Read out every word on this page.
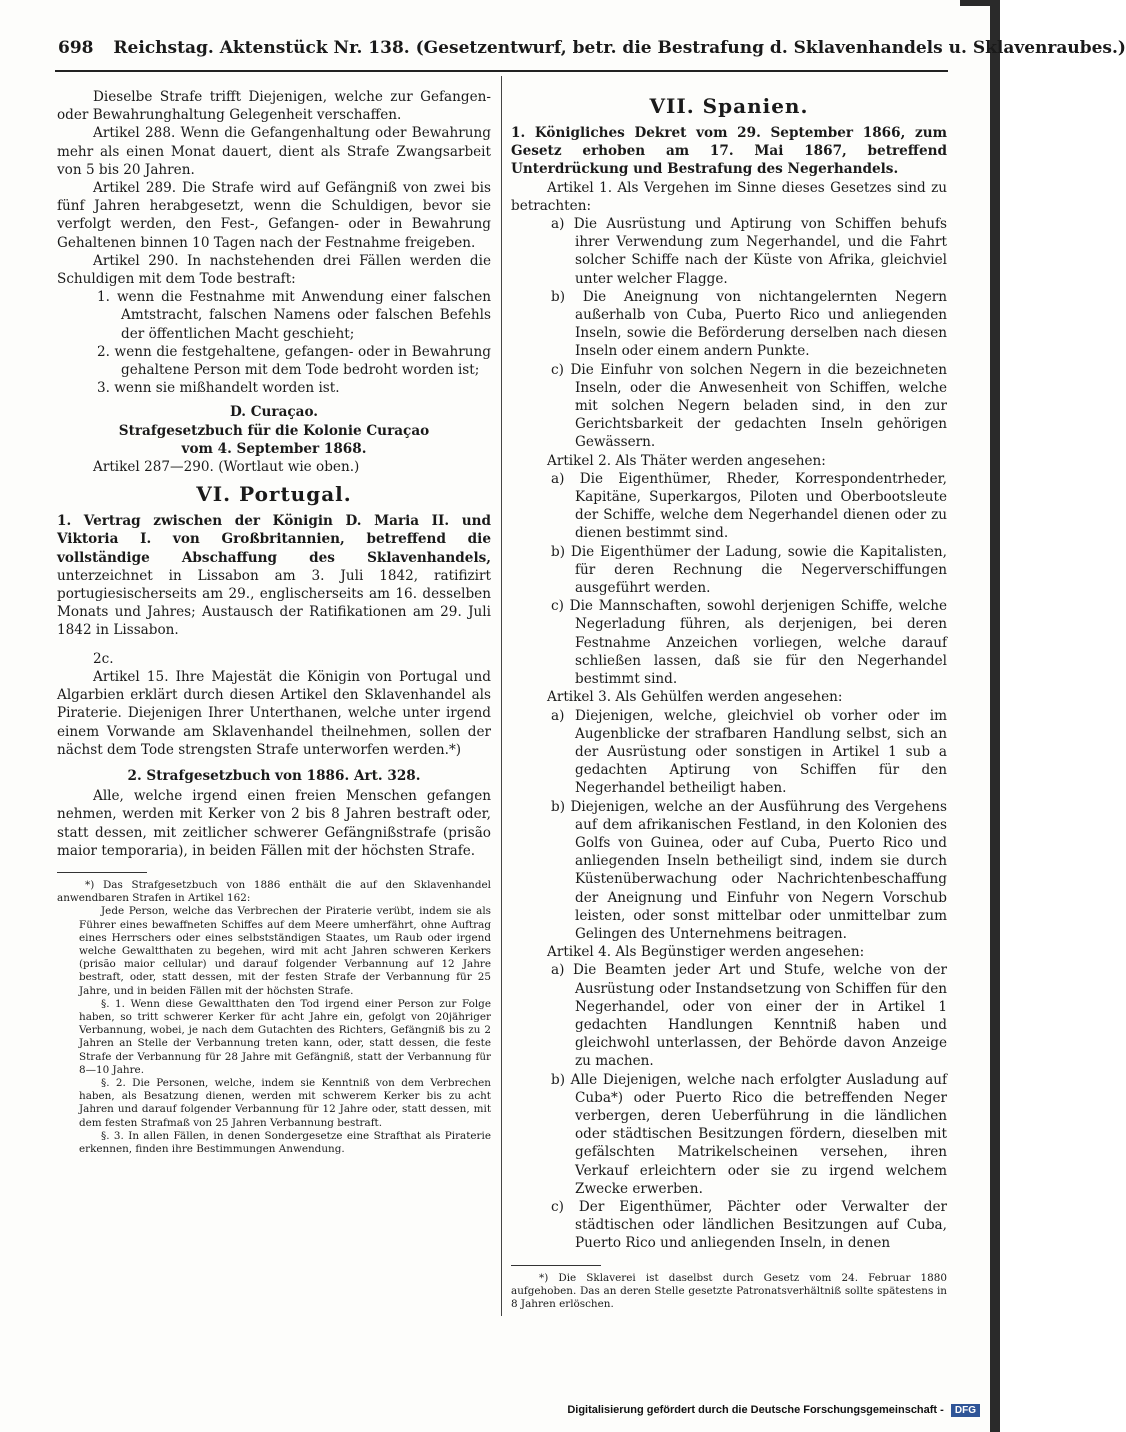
698 Reichstag. Aktenstück Nr. 138. (Gesetzentwurf, betr. die Bestrafung d. Sklavenhandels u. Sklavenraubes.)

Dieselbe Strafe trifft Diejenigen, welche zur Gefangen- oder Bewahrunghaltung Gelegenheit verschaffen.

Artikel 288. Wenn die Gefangenhaltung oder Bewahrung mehr als einen Monat dauert, dient als Strafe Zwangsarbeit von 5 bis 20 Jahren.

Artikel 289. Die Strafe wird auf Gefängniß von zwei bis fünf Jahren herabgesetzt, wenn die Schuldigen, bevor sie verfolgt werden, den Fest-, Gefangen- oder in Bewahrung Gehaltenen binnen 10 Tagen nach der Festnahme freigeben.

Artikel 290. In nachstehenden drei Fällen werden die Schuldigen mit dem Tode bestraft:

1. wenn die Festnahme mit Anwendung einer falschen Amtstracht, falschen Namens oder falschen Befehls der öffentlichen Macht geschieht;

2. wenn die festgehaltene, gefangen- oder in Bewahrung gehaltene Person mit dem Tode bedroht worden ist;

3. wenn sie mißhandelt worden ist.

D. Curaçao.

Strafgesetzbuch für die Kolonie Curaçao

vom 4. September 1868.

Artikel 287—290. (Wortlaut wie oben.)

VI. Portugal.

1. Vertrag zwischen der Königin D. Maria II. und Viktoria I. von Großbritannien, betreffend die vollständige Abschaffung des Sklavenhandels, unterzeichnet in Lissabon am 3. Juli 1842, ratifizirt portugiesischerseits am 29., englischerseits am 16. desselben Monats und Jahres; Austausch der Ratifikationen am 29. Juli 1842 in Lissabon.

2c.

Artikel 15. Ihre Majestät die Königin von Portugal und Algarbien erklärt durch diesen Artikel den Sklavenhandel als Piraterie. Diejenigen Ihrer Unterthanen, welche unter irgend einem Vorwande am Sklavenhandel theilnehmen, sollen der nächst dem Tode strengsten Strafe unterworfen werden.*)

2. Strafgesetzbuch von 1886. Art. 328.

Alle, welche irgend einen freien Menschen gefangen nehmen, werden mit Kerker von 2 bis 8 Jahren bestraft oder, statt dessen, mit zeitlicher schwerer Gefängnißstrafe (prisão maior temporaria), in beiden Fällen mit der höchsten Strafe.

*) Das Strafgesetzbuch von 1886 enthält die auf den Sklavenhandel anwendbaren Strafen in Artikel 162:

Jede Person, welche das Verbrechen der Piraterie verübt, indem sie als Führer eines bewaffneten Schiffes auf dem Meere umherfährt, ohne Auftrag eines Herrschers oder eines selbstständigen Staates, um Raub oder irgend welche Gewaltthaten zu begehen, wird mit acht Jahren schweren Kerkers (prisão maior cellular) und darauf folgender Verbannung auf 12 Jahre bestraft, oder, statt dessen, mit der festen Strafe der Verbannung für 25 Jahre, und in beiden Fällen mit der höchsten Strafe.

§. 1. Wenn diese Gewaltthaten den Tod irgend einer Person zur Folge haben, so tritt schwerer Kerker für acht Jahre ein, gefolgt von 20jähriger Verbannung, wobei, je nach dem Gutachten des Richters, Gefängniß bis zu 2 Jahren an Stelle der Verbannung treten kann, oder, statt dessen, die feste Strafe der Verbannung für 28 Jahre mit Gefängniß, statt der Verbannung für 8—10 Jahre.

§. 2. Die Personen, welche, indem sie Kenntniß von dem Verbrechen haben, als Besatzung dienen, werden mit schwerem Kerker bis zu acht Jahren und darauf folgender Verbannung für 12 Jahre oder, statt dessen, mit dem festen Strafmaß von 25 Jahren Verbannung bestraft.

§. 3. In allen Fällen, in denen Sondergesetze eine Strafthat als Piraterie erkennen, finden ihre Bestimmungen Anwendung.

VII. Spanien.

1. Königliches Dekret vom 29. September 1866, zum Gesetz erhoben am 17. Mai 1867, betreffend Unterdrückung und Bestrafung des Negerhandels.

Artikel 1. Als Vergehen im Sinne dieses Gesetzes sind zu betrachten:

a) Die Ausrüstung und Aptirung von Schiffen behufs ihrer Verwendung zum Negerhandel, und die Fahrt solcher Schiffe nach der Küste von Afrika, gleichviel unter welcher Flagge.

b) Die Aneignung von nichtangelernten Negern außerhalb von Cuba, Puerto Rico und anliegenden Inseln, sowie die Beförderung derselben nach diesen Inseln oder einem andern Punkte.

c) Die Einfuhr von solchen Negern in die bezeichneten Inseln, oder die Anwesenheit von Schiffen, welche mit solchen Negern beladen sind, in den zur Gerichtsbarkeit der gedachten Inseln gehörigen Gewässern.

Artikel 2. Als Thäter werden angesehen:

a) Die Eigenthümer, Rheder, Korrespondentrheder, Kapitäne, Superkargos, Piloten und Oberbootsleute der Schiffe, welche dem Negerhandel dienen oder zu dienen bestimmt sind.

b) Die Eigenthümer der Ladung, sowie die Kapitalisten, für deren Rechnung die Negerverschiffungen ausgeführt werden.

c) Die Mannschaften, sowohl derjenigen Schiffe, welche Negerladung führen, als derjenigen, bei deren Festnahme Anzeichen vorliegen, welche darauf schließen lassen, daß sie für den Negerhandel bestimmt sind.

Artikel 3. Als Gehülfen werden angesehen:

a) Diejenigen, welche, gleichviel ob vorher oder im Augenblicke der strafbaren Handlung selbst, sich an der Ausrüstung oder sonstigen in Artikel 1 sub a gedachten Aptirung von Schiffen für den Negerhandel betheiligt haben.

b) Diejenigen, welche an der Ausführung des Vergehens auf dem afrikanischen Festland, in den Kolonien des Golfs von Guinea, oder auf Cuba, Puerto Rico und anliegenden Inseln betheiligt sind, indem sie durch Küstenüberwachung oder Nachrichtenbeschaffung der Aneignung und Einfuhr von Negern Vorschub leisten, oder sonst mittelbar oder unmittelbar zum Gelingen des Unternehmens beitragen.

Artikel 4. Als Begünstiger werden angesehen:

a) Die Beamten jeder Art und Stufe, welche von der Ausrüstung oder Instandsetzung von Schiffen für den Negerhandel, oder von einer der in Artikel 1 gedachten Handlungen Kenntniß haben und gleichwohl unterlassen, der Behörde davon Anzeige zu machen.

b) Alle Diejenigen, welche nach erfolgter Ausladung auf Cuba*) oder Puerto Rico die betreffenden Neger verbergen, deren Ueberführung in die ländlichen oder städtischen Besitzungen fördern, dieselben mit gefälschten Matrikelscheinen versehen, ihren Verkauf erleichtern oder sie zu irgend welchem Zwecke erwerben.

c) Der Eigenthümer, Pächter oder Verwalter der städtischen oder ländlichen Besitzungen auf Cuba, Puerto Rico und anliegenden Inseln, in denen

*) Die Sklaverei ist daselbst durch Gesetz vom 24. Februar 1880 aufgehoben. Das an deren Stelle gesetzte Patronatsverhältniß sollte spätestens in 8 Jahren erlöschen.

Digitalisierung gefördert durch die Deutsche Forschungsgemeinschaft - DFG
